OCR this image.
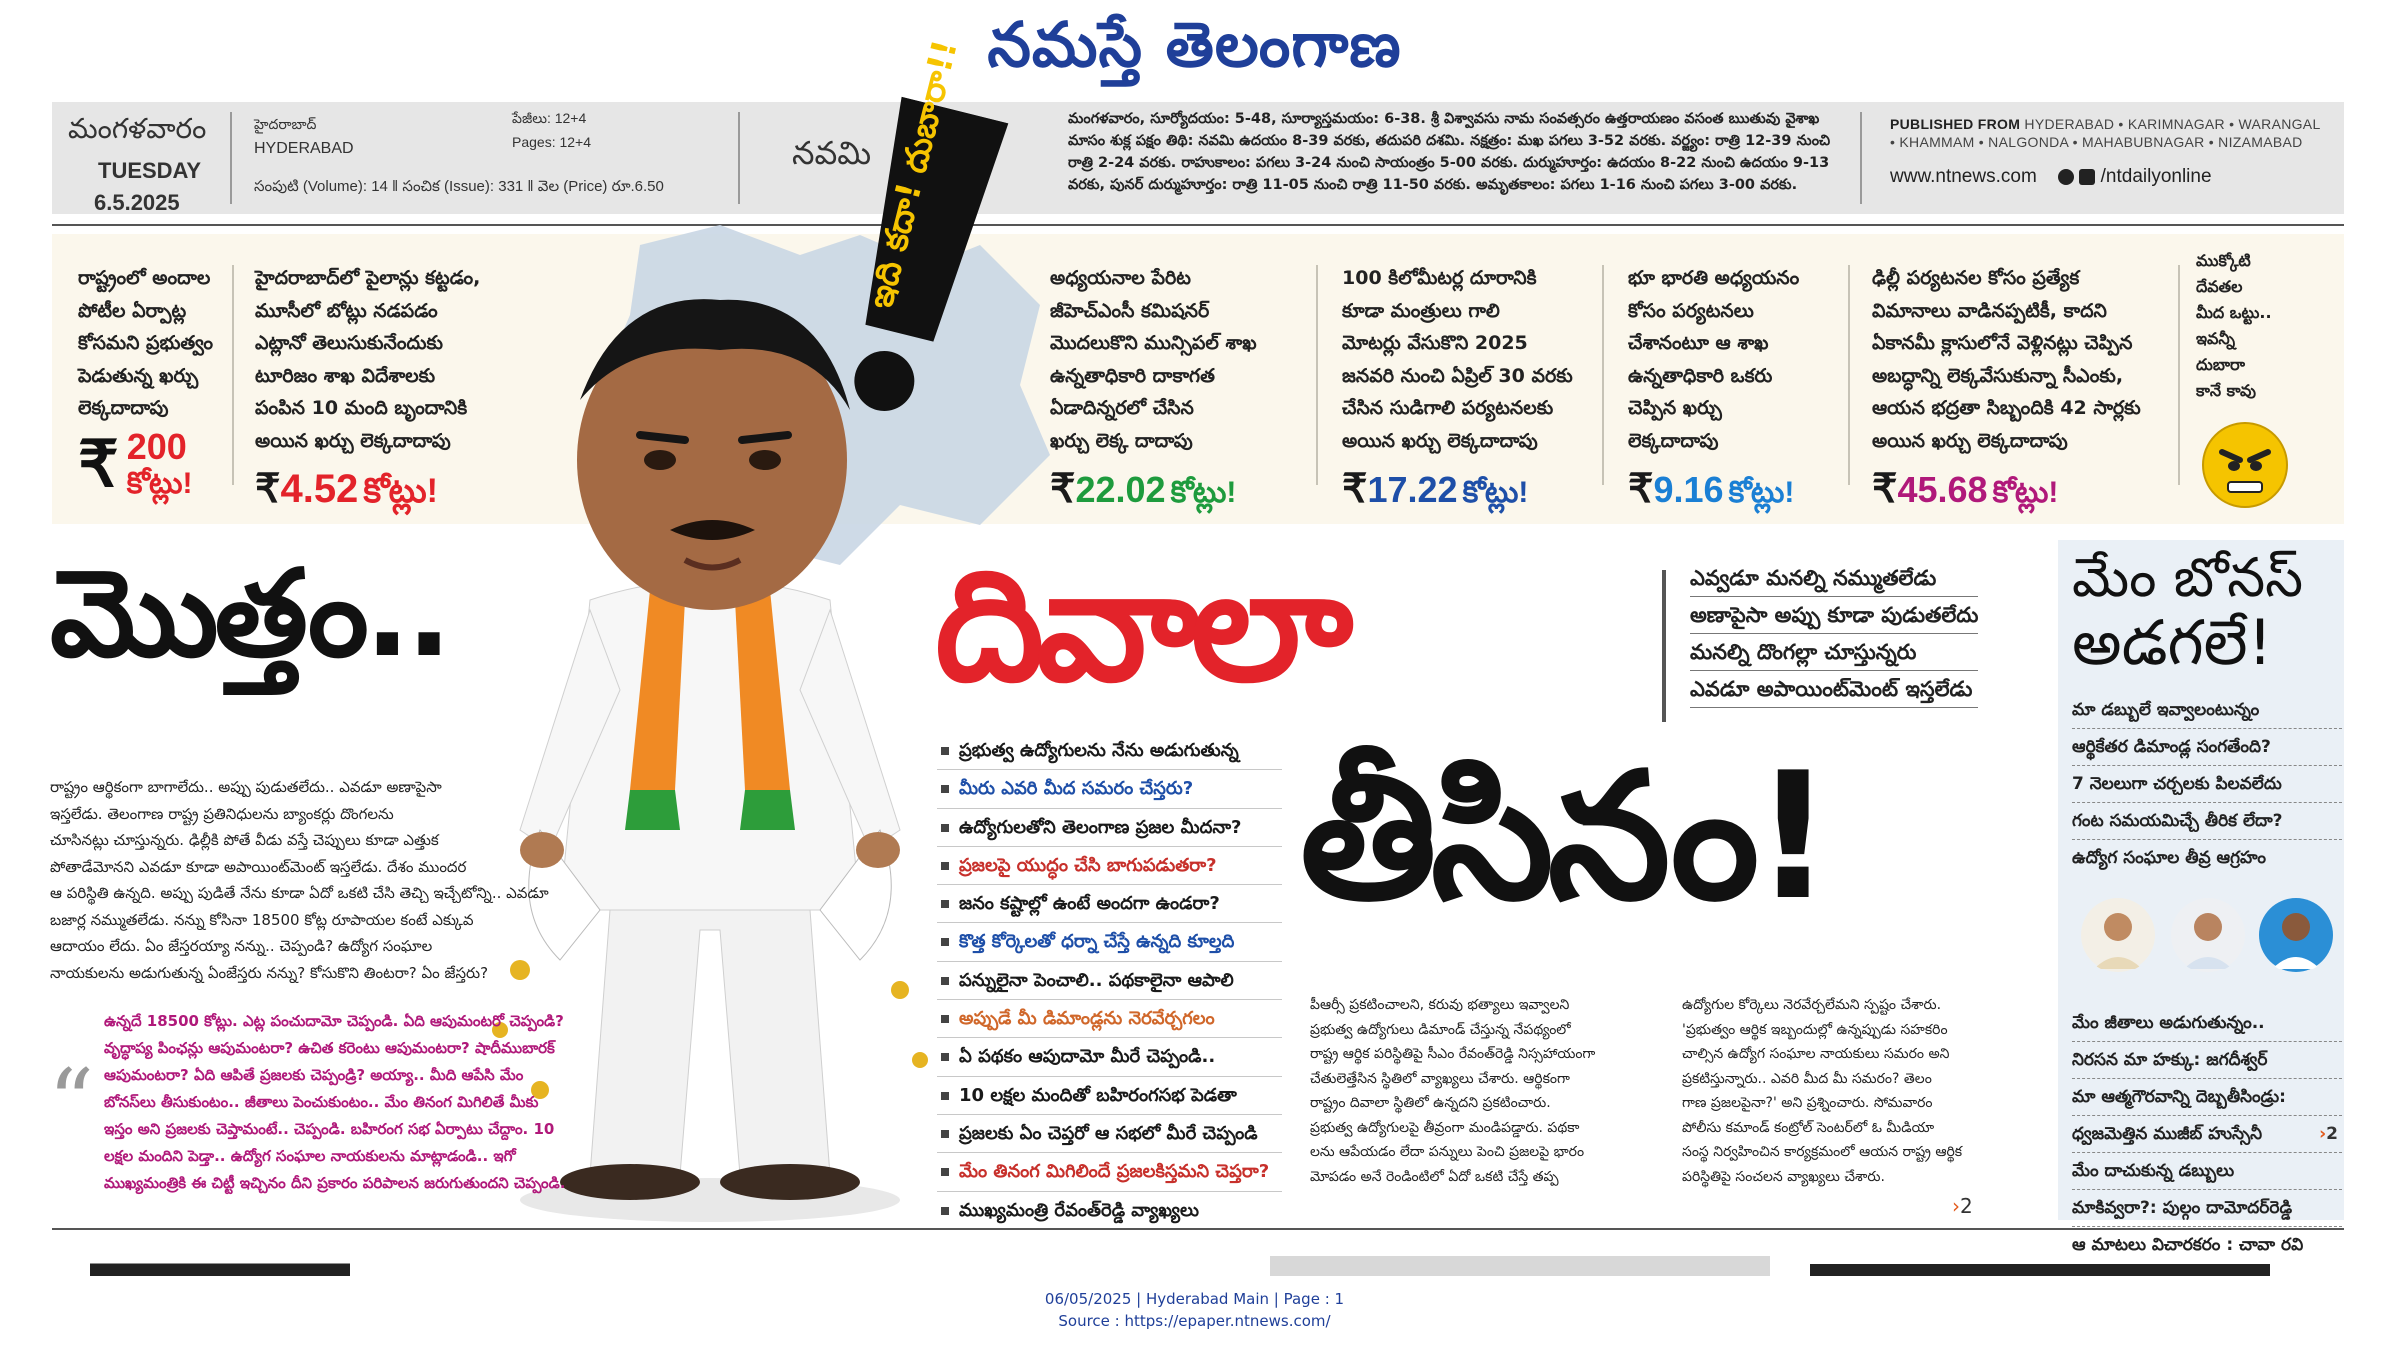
నమస్తే తెలంగాణ
మంగళవారం
TUESDAY
6.5.2025
హైదరాబాద్
HYDERABAD
పేజీలు: 12+4
Pages: 12+4
సంపుటి (Volume): 14 ‖ సంచిక (Issue): 331 ‖ వెల (Price) రూ.6.50
నవమి
మంగళవారం, సూర్యోదయం: 5-48, సూర్యాస్తమయం: 6-38. శ్రీ విశ్వావసు నామ సంవత్సరం ఉత్తరాయణం వసంత ఋతువు వైశాఖ
మాసం శుక్ల పక్షం తిథి: నవమి ఉదయం 8-39 వరకు, తదుపరి దశమి. నక్షత్రం: మఖ పగలు 3-52 వరకు. వర్జ్యం: రాత్రి 12-39 నుంచి
రాత్రి 2-24 వరకు. రాహుకాలం: పగలు 3-24 నుంచి సాయంత్రం 5-00 వరకు. దుర్ముహూర్తం: ఉదయం 8-22 నుంచి ఉదయం 9-13
వరకు, పునర్ దుర్ముహూర్తం: రాత్రి 11-05 నుంచి రాత్రి 11-50 వరకు. అమృతకాలం: పగలు 1-16 నుంచి పగలు 3-00 వరకు.
PUBLISHED FROM HYDERABAD • KARIMNAGAR • WARANGAL
• KHAMMAM • NALGONDA • MAHABUBNAGAR • NIZAMABAD
www.ntnews.com	/ntdailyonline
రాష్ట్రంలో అందాల
పోటీల ఏర్పాట్ల
కోసమని ప్రభుత్వం
పెడుతున్న ఖర్చు
లెక్కదాదాపు
₹ 200
కోట్లు!
హైదరాబాద్‌లో పైలాన్లు కట్టడం,
మూసీలో బోట్లు నడపడం
ఎట్లానో తెలుసుకునేందుకు
టూరిజం శాఖ విదేశాలకు
పంపిన 10 మంది బృందానికి
అయిన ఖర్చు లెక్కదాదాపు
₹4.52 కోట్లు!
అధ్యయనాల పేరిట
జీహెచ్‌ఎంసీ కమిషనర్
మొదలుకొని మున్సిపల్ శాఖ
ఉన్నతాధికారి దాకాగత
ఏడాదిన్నరలో చేసిన
ఖర్చు లెక్క దాదాపు
₹22.02 కోట్లు!
100 కిలోమీటర్ల దూరానికి
కూడా మంత్రులు గాలి
మోటర్లు వేసుకొని 2025
జనవరి నుంచి ఏప్రిల్ 30 వరకు
చేసిన సుడిగాలి పర్యటనలకు
అయిన ఖర్చు లెక్కదాదాపు
₹17.22 కోట్లు!
భూ భారతి అధ్యయనం
కోసం పర్యటనలు
చేశానంటూ ఆ శాఖ
ఉన్నతాధికారి ఒకరు
చెప్పిన ఖర్చు
లెక్కదాదాపు
₹9.16 కోట్లు!
ఢిల్లీ పర్యటనల కోసం ప్రత్యేక
విమానాలు వాడినప్పటికీ, కాదని
ఏకానమీ క్లాసులోనే వెళ్లినట్లు చెప్పిన
అబద్ధాన్ని లెక్కవేసుకున్నా సీఎంకు,
ఆయన భద్రతా సిబ్బందికి 42 సార్లకు
అయిన ఖర్చు లెక్కదాదాపు
₹45.68 కోట్లు!
ముక్కోటి
దేవతల
మీద ఒట్టు..
ఇవన్నీ
దుబారా
కానే కావు
ఇది కదా! దుబారా!!
మొత్తం..	దివాలా
తీసినం!
ఎవ్వడూ మనల్ని నమ్ముతలేడు
అణాపైసా అప్పు కూడా పుడుతలేదు
మనల్ని దొంగల్లా చూస్తున్నరు
ఎవడూ అపాయింట్‌మెంట్ ఇస్తలేడు
రాష్ట్రం ఆర్థికంగా బాగాలేదు.. అప్పు పుడుతలేదు.. ఎవడూ అణాపైసా
ఇస్తలేడు. తెలంగాణ రాష్ట్ర ప్రతినిధులను బ్యాంకర్లు దొంగలను
చూసినట్లు చూస్తున్నరు. ఢిల్లీకి పోతే వీడు వస్తే చెప్పులు కూడా ఎత్తుక
పోతాడేమోనని ఎవడూ కూడా అపాయింట్‌మెంట్ ఇస్తలేడు. దేశం ముందర
ఆ పరిస్థితి ఉన్నది. అప్పు పుడితే నేను కూడా ఏదో ఒకటి చేసి తెచ్చి ఇచ్చేటోన్ని.. ఎవడూ
బజార్ల నమ్ముతలేడు. నన్ను కోసినా 18500 కోట్ల రూపాయల కంటే ఎక్కువ
ఆదాయం లేదు. ఏం జేస్తరయ్యా నన్ను.. చెప్పండి? ఉద్యోగ సంఘాల
నాయకులను అడుగుతున్న ఏంజేస్తరు నన్ను? కోసుకొని తింటరా? ఏం జేస్తరు?
“
ఉన్నదే 18500 కోట్లు. ఎట్ల పంచుదామో చెప్పండి. ఏది ఆపుమంటరో చెప్పండి?
వృద్ధాప్య పింఛన్లు ఆపుమంటరా? ఉచిత కరెంటు ఆపుమంటరా? షాదీముబారక్
ఆపుమంటరా? ఏది ఆపితే ప్రజలకు చెప్పండ్రి? అయ్యా.. మీది ఆపేసి మేం
బోనస్‌లు తీసుకుంటం.. జీతాలు పెంచుకుంటం.. మేం తినంగ మిగిలితే మీకు
ఇస్తం అని ప్రజలకు చెప్తామంటే.. చెప్పండి. బహిరంగ సభ ఏర్పాటు చేద్దాం. 10
లక్షల మందిని పెడ్తా.. ఉద్యోగ సంఘాల నాయకులను మాట్లాడండి.. ఇగో
ముఖ్యమంత్రికి ఈ చిట్టీ ఇచ్చినం దీని ప్రకారం పరిపాలన జరుగుతుందని చెప్పండి.
ప్రభుత్వ ఉద్యోగులను నేను అడుగుతున్న
మీరు ఎవరి మీద సమరం చేస్తరు?
ఉద్యోగులతోని తెలంగాణ ప్రజల మీదనా?
ప్రజలపై యుద్ధం చేసి బాగుపడుతరా?
జనం కష్టాల్లో ఉంటే అందగా ఉండరా?
కొత్త కోర్కెలతో ధర్నా చేస్తే ఉన్నది కూల్తది
పన్నులైనా పెంచాలి.. పథకాలైనా ఆపాలి
అప్పుడే మీ డిమాండ్లను నెరవేర్చగలం
ఏ పథకం ఆపుదామో మీరే చెప్పండి..
10 లక్షల మందితో బహిరంగసభ పెడతా
ప్రజలకు ఏం చెప్తరో ఆ సభలో మీరే చెప్పండి
మేం తినంగ మిగిలిందే ప్రజలకిస్తమని చెప్తరా?
ముఖ్యమంత్రి రేవంత్‌రెడ్డి వ్యాఖ్యలు
పీఆర్సీ ప్రకటించాలని, కరువు భత్యాలు ఇవ్వాలని
ప్రభుత్వ ఉద్యోగులు డిమాండ్ చేస్తున్న నేపథ్యంలో
రాష్ట్ర ఆర్థిక పరిస్థితిపై సీఎం రేవంత్‌రెడ్డి నిస్సహాయంగా
చేతులెత్తేసిన స్థితిలో వ్యాఖ్యలు చేశారు. ఆర్థికంగా
రాష్ట్రం దివాలా స్థితిలో ఉన్నదని ప్రకటించారు.
ప్రభుత్వ ఉద్యోగులపై తీవ్రంగా మండిపడ్డారు. పథకా
లను ఆపేయడం లేదా పన్నులు పెంచి ప్రజలపై భారం
మోపడం అనే రెండింటిలో ఏదో ఒకటి చేస్తే తప్ప
ఉద్యోగుల కోర్కెలు నెరవేర్చలేమని స్పష్టం చేశారు.
'ప్రభుత్వం ఆర్థిక ఇబ్బందుల్లో ఉన్నప్పుడు సహకరిం
చాల్సిన ఉద్యోగ సంఘాల నాయకులు సమరం అని
ప్రకటిస్తున్నారు.. ఎవరి మీద మీ సమరం? తెలం
గాణ ప్రజలపైనా?' అని ప్రశ్నించారు. సోమవారం
పోలీసు కమాండ్ కంట్రోల్ సెంటర్‌లో ఓ మీడియా
సంస్థ నిర్వహించిన కార్యక్రమంలో ఆయన రాష్ట్ర ఆర్థిక
పరిస్థితిపై సంచలన వ్యాఖ్యలు చేశారు.
›2
మేం బోనస్
అడగలే!
మా డబ్బులే ఇవ్వాలంటున్నం
ఆర్థికేతర డిమాండ్ల సంగతేంది?
7 నెలలుగా చర్చలకు పిలవలేదు
గంట సమయమిచ్చే తీరిక లేదా?
ఉద్యోగ సంఘాల తీవ్ర ఆగ్రహం
మేం జీతాలు అడుగుతున్నం..
నిరసన మా హక్కు: జగదీశ్వర్
మా ఆత్మగౌరవాన్ని దెబ్బతీసిండ్రు:
ధ్వజమెత్తిన ముజీబ్ హుస్సేనీ	›2
మేం దాచుకున్న డబ్బులు
మాకివ్వరా?: పుల్గం దామోదర్‌రెడ్డి
ఆ మాటలు విచారకరం : చావా రవి
06/05/2025 | Hyderabad Main | Page : 1
Source : https://epaper.ntnews.com/
